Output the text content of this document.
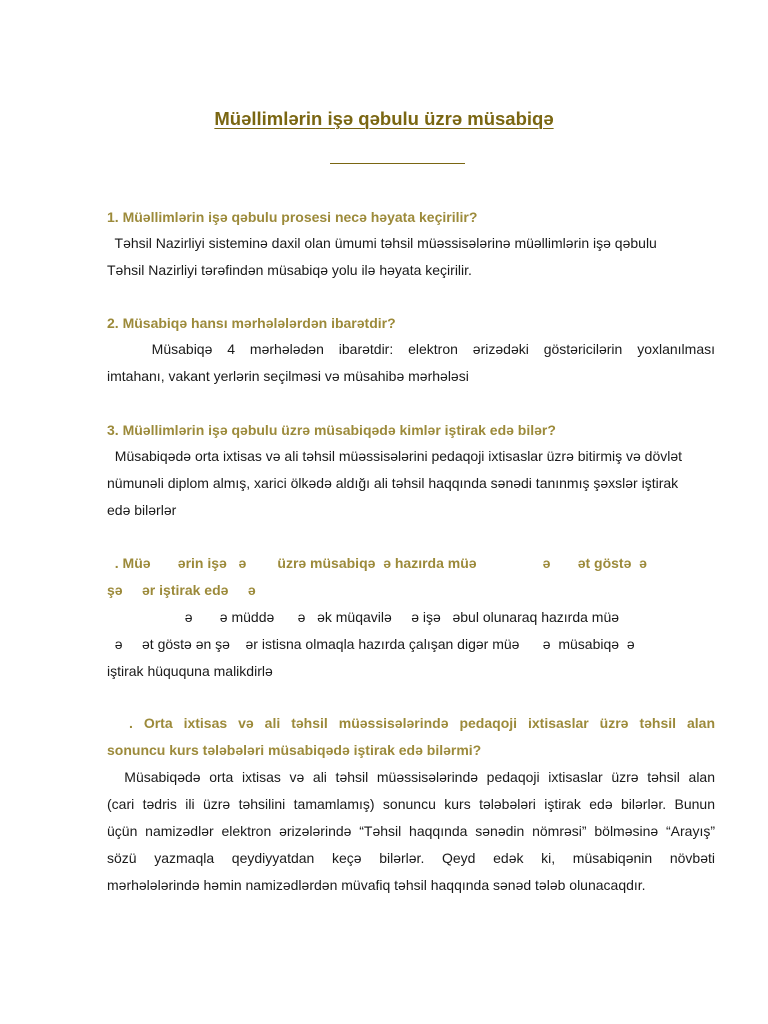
Müəllimlərin işə qəbulu üzrə müsabiqə

1. Müəllimlərin işə qəbulu prosesi necə həyata keçirilir?

Təhsil Nazirliyi sisteminə daxil olan ümumi təhsil müəssisələrinə müəllimlərin işə qəbulu
Təhsil Nazirliyi tərəfindən müsabiqə yolu ilə həyata keçirilir.

2. Müsabiqə hansı mərhələlərdən ibarətdir?

Müsabiqə 4 mərhələdən ibarətdir: elektron ərizədəki göstəricilərin yoxlanılması
imtahanı, vakant yerlərin seçilməsi və müsahibə mərhələsi

3. Müəllimlərin işə qəbulu üzrə müsabiqədə kimlər iştirak edə bilər?

Müsabiqədə orta ixtisas və ali təhsil müəssisələrini pedaqoji ixtisaslar üzrə bitirmiş və dövlət
nümunəli diplom almış, xarici ölkədə aldığı ali təhsil haqqında sənədi tanınmış şəxslər iştirak
edə bilərlər
. Müə       ərin işə   ə        üzrə müsabiqə  ə hazırda müə                 ə       ət göstə  ə
şə     ər iştirak edə     ə
ə       ə müddə      ə   ək müqavilə     ə işə   əbul olunaraq hazırda müə
ə     ət göstə ən şə    ər istisna olmaqla hazırda çalışan digər müə      ə  müsabiqə  ə
iştirak hüququna malikdirlə
. Orta ixtisas və ali təhsil müəssisələrində pedaqoji ixtisaslar üzrə təhsil alan
sonuncu kurs tələbələri müsabiqədə iştirak edə bilərmi?
Müsabiqədə orta ixtisas və ali təhsil müəssisələrində pedaqoji ixtisaslar üzrə təhsil alan
(cari tədris ili üzrə təhsilini tamamlamış) sonuncu kurs tələbələri iştirak edə bilərlər. Bunun
üçün namizədlər elektron ərizələrində “Təhsil haqqında sənədin nömrəsi” bölməsinə “Arayış”
sözü yazmaqla qeydiyyatdan keçə bilərlər. Qeyd edək ki, müsabiqənin növbəti
mərhələlərində həmin namizədlərdən müvafiq təhsil haqqında sənəd tələb olunacaqdır.
